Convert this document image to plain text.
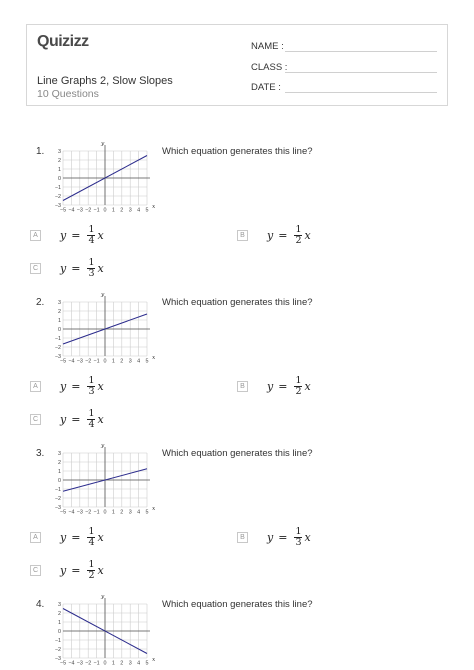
Quizizz
Line Graphs 2, Slow Slopes
10 Questions
NAME :
CLASS :
DATE :
1.	Which equation generates this line?
−5 −4 −3 −2 −1 0 1 2 3 4 5
3
2
1
0
−1
−2
−3	x
y
A $y = \frac{1}{4}$ x	B $y = \frac{1}{2}$ x
C $y = \frac{1}{3}$ x
2.	Which equation generates this line?
−5 −4 −3 −2 −1 0 1 2 3 4 5
3
2
1
0
−1
−2
−3	x
y
A $y = \frac{1}{3}$ x	B $y = \frac{1}{2}$ x
C $y = \frac{1}{4}$ x
3.	Which equation generates this line?
−5 −4 −3 −2 −1 0 1 2 3 4 5
3
2
1
0
−1
−2
−3	x
y
A $y = \frac{1}{4}$ x	B $y = \frac{1}{3}$ x
C $y = \frac{1}{2}$ x
4.	Which equation generates this line?
−5 −4 −3 −2 −1 0 1 2 3 4 5
3
2
1
0
−1
−2
−3	x
y
